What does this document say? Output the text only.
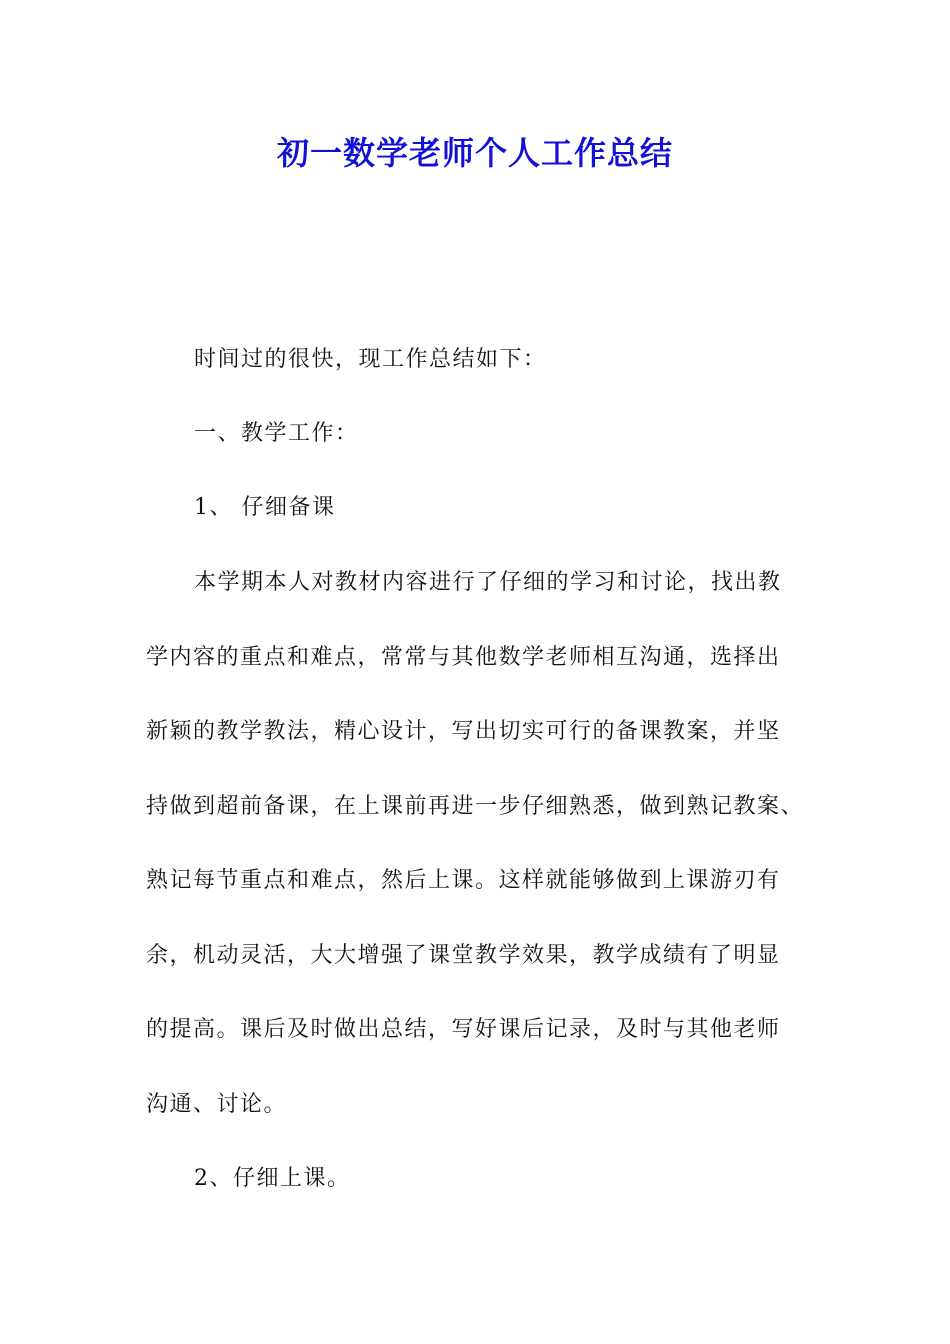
初一数学老师个人工作总结
时间过的很快，现工作总结如下：
一、教学工作：
1、 仔细备课
本学期本人对教材内容进行了仔细的学习和讨论，找出教
学内容的重点和难点，常常与其他数学老师相互沟通，选择出
新颖的教学教法，精心设计，写出切实可行的备课教案，并坚
持做到超前备课，在上课前再进一步仔细熟悉，做到熟记教案、
熟记每节重点和难点，然后上课。这样就能够做到上课游刃有
余，机动灵活，大大增强了课堂教学效果，教学成绩有了明显
的提高。课后及时做出总结，写好课后记录，及时与其他老师
沟通、讨论。
2、仔细上课。
